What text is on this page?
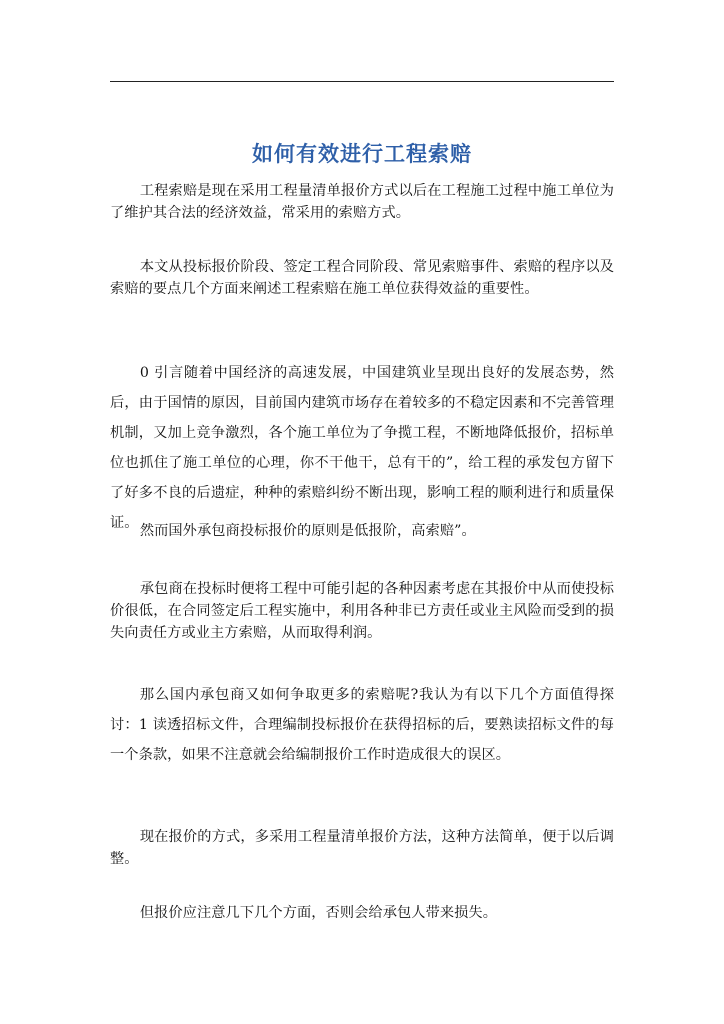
如何有效进行工程索赔

工程索赔是现在采用工程量清单报价方式以后在工程施工过程中施工单位为了维护其合法的经济效益，常采用的索赔方式。

本文从投标报价阶段、签定工程合同阶段、常见索赔事件、索赔的程序以及索赔的要点几个方面来阐述工程索赔在施工单位获得效益的重要性。

0 引言随着中国经济的高速发展，中国建筑业呈现出良好的发展态势，然后，由于国情的原因，目前国内建筑市场存在着较多的不稳定因素和不完善管理机制，又加上竞争激烈，各个施工单位为了争揽工程，不断地降低报价，招标单位也抓住了施工单位的心理，你不干他干，总有干的”，给工程的承发包方留下了好多不良的后遗症，种种的索赔纠纷不断出现，影响工程的顺利进行和质量保证。 然而国外承包商投标报价的原则是低报阶，高索赔”。

承包商在投标时便将工程中可能引起的各种因素考虑在其报价中从而使投标价很低，在合同签定后工程实施中，利用各种非已方责任或业主风险而受到的损失向责任方或业主方索赔，从而取得利润。

那么国内承包商又如何争取更多的索赔呢?我认为有以下几个方面值得探讨：1 读透招标文件，合理编制投标报价在获得招标的后，要熟读招标文件的每一个条款，如果不注意就会给编制报价工作时造成很大的误区。

现在报价的方式，多采用工程量清单报价方法，这种方法简单，便于以后调整。

但报价应注意几下几个方面，否则会给承包人带来损失。
